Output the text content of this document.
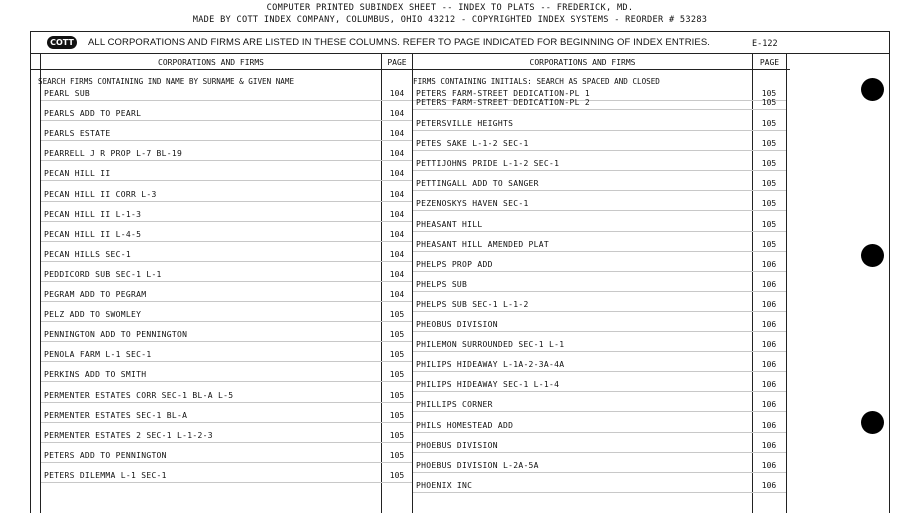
COMPUTER PRINTED SUBINDEX SHEET -- INDEX TO PLATS -- FREDERICK, MD.
MADE BY COTT INDEX COMPANY, COLUMBUS, OHIO 43212 - COPYRIGHTED INDEX SYSTEMS - REORDER # 53283
COTT	ALL CORPORATIONS AND FIRMS ARE LISTED IN THESE COLUMNS. REFER TO PAGE INDICATED FOR BEGINNING OF INDEX ENTRIES.	E-122
CORPORATIONS AND FIRMS	PAGE	CORPORATIONS AND FIRMS	PAGE
SEARCH FIRMS CONTAINING IND NAME BY SURNAME & GIVEN NAME	FIRMS CONTAINING INITIALS: SEARCH AS SPACED AND CLOSED
PEARL SUB	104
PEARLS ADD TO PEARL	104
PEARLS ESTATE	104
PEARRELL J R PROP L-7 BL-19	104
PECAN HILL II	104
PECAN HILL II CORR L-3	104
PECAN HILL II L-1-3	104
PECAN HILL II L-4-5	104
PECAN HILLS SEC-1	104
PEDDICORD SUB SEC-1 L-1	104
PEGRAM ADD TO PEGRAM	104
PELZ ADD TO SWOMLEY	105
PENNINGTON ADD TO PENNINGTON	105
PENOLA FARM L-1 SEC-1	105
PERKINS ADD TO SMITH	105
PERMENTER ESTATES CORR SEC-1 BL-A L-5	105
PERMENTER ESTATES SEC-1 BL-A	105
PERMENTER ESTATES 2 SEC-1 L-1-2-3	105
PETERS ADD TO PENNINGTON	105
PETERS DILEMMA L-1 SEC-1	105
PETERS FARM-STREET DEDICATION-PL 1	105
PETERS FARM-STREET DEDICATION-PL 2	105
PETERSVILLE HEIGHTS	105
PETES SAKE L-1-2 SEC-1	105
PETTIJOHNS PRIDE L-1-2 SEC-1	105
PETTINGALL ADD TO SANGER	105
PEZENOSKYS HAVEN SEC-1	105
PHEASANT HILL	105
PHEASANT HILL AMENDED PLAT	105
PHELPS PROP ADD	106
PHELPS SUB	106
PHELPS SUB SEC-1 L-1-2	106
PHEOBUS DIVISION	106
PHILEMON SURROUNDED SEC-1 L-1	106
PHILIPS HIDEAWAY L-1A-2-3A-4A	106
PHILIPS HIDEAWAY SEC-1 L-1-4	106
PHILLIPS CORNER	106
PHILS HOMESTEAD ADD	106
PHOEBUS DIVISION	106
PHOEBUS DIVISION L-2A-5A	106
PHOENIX INC	106
